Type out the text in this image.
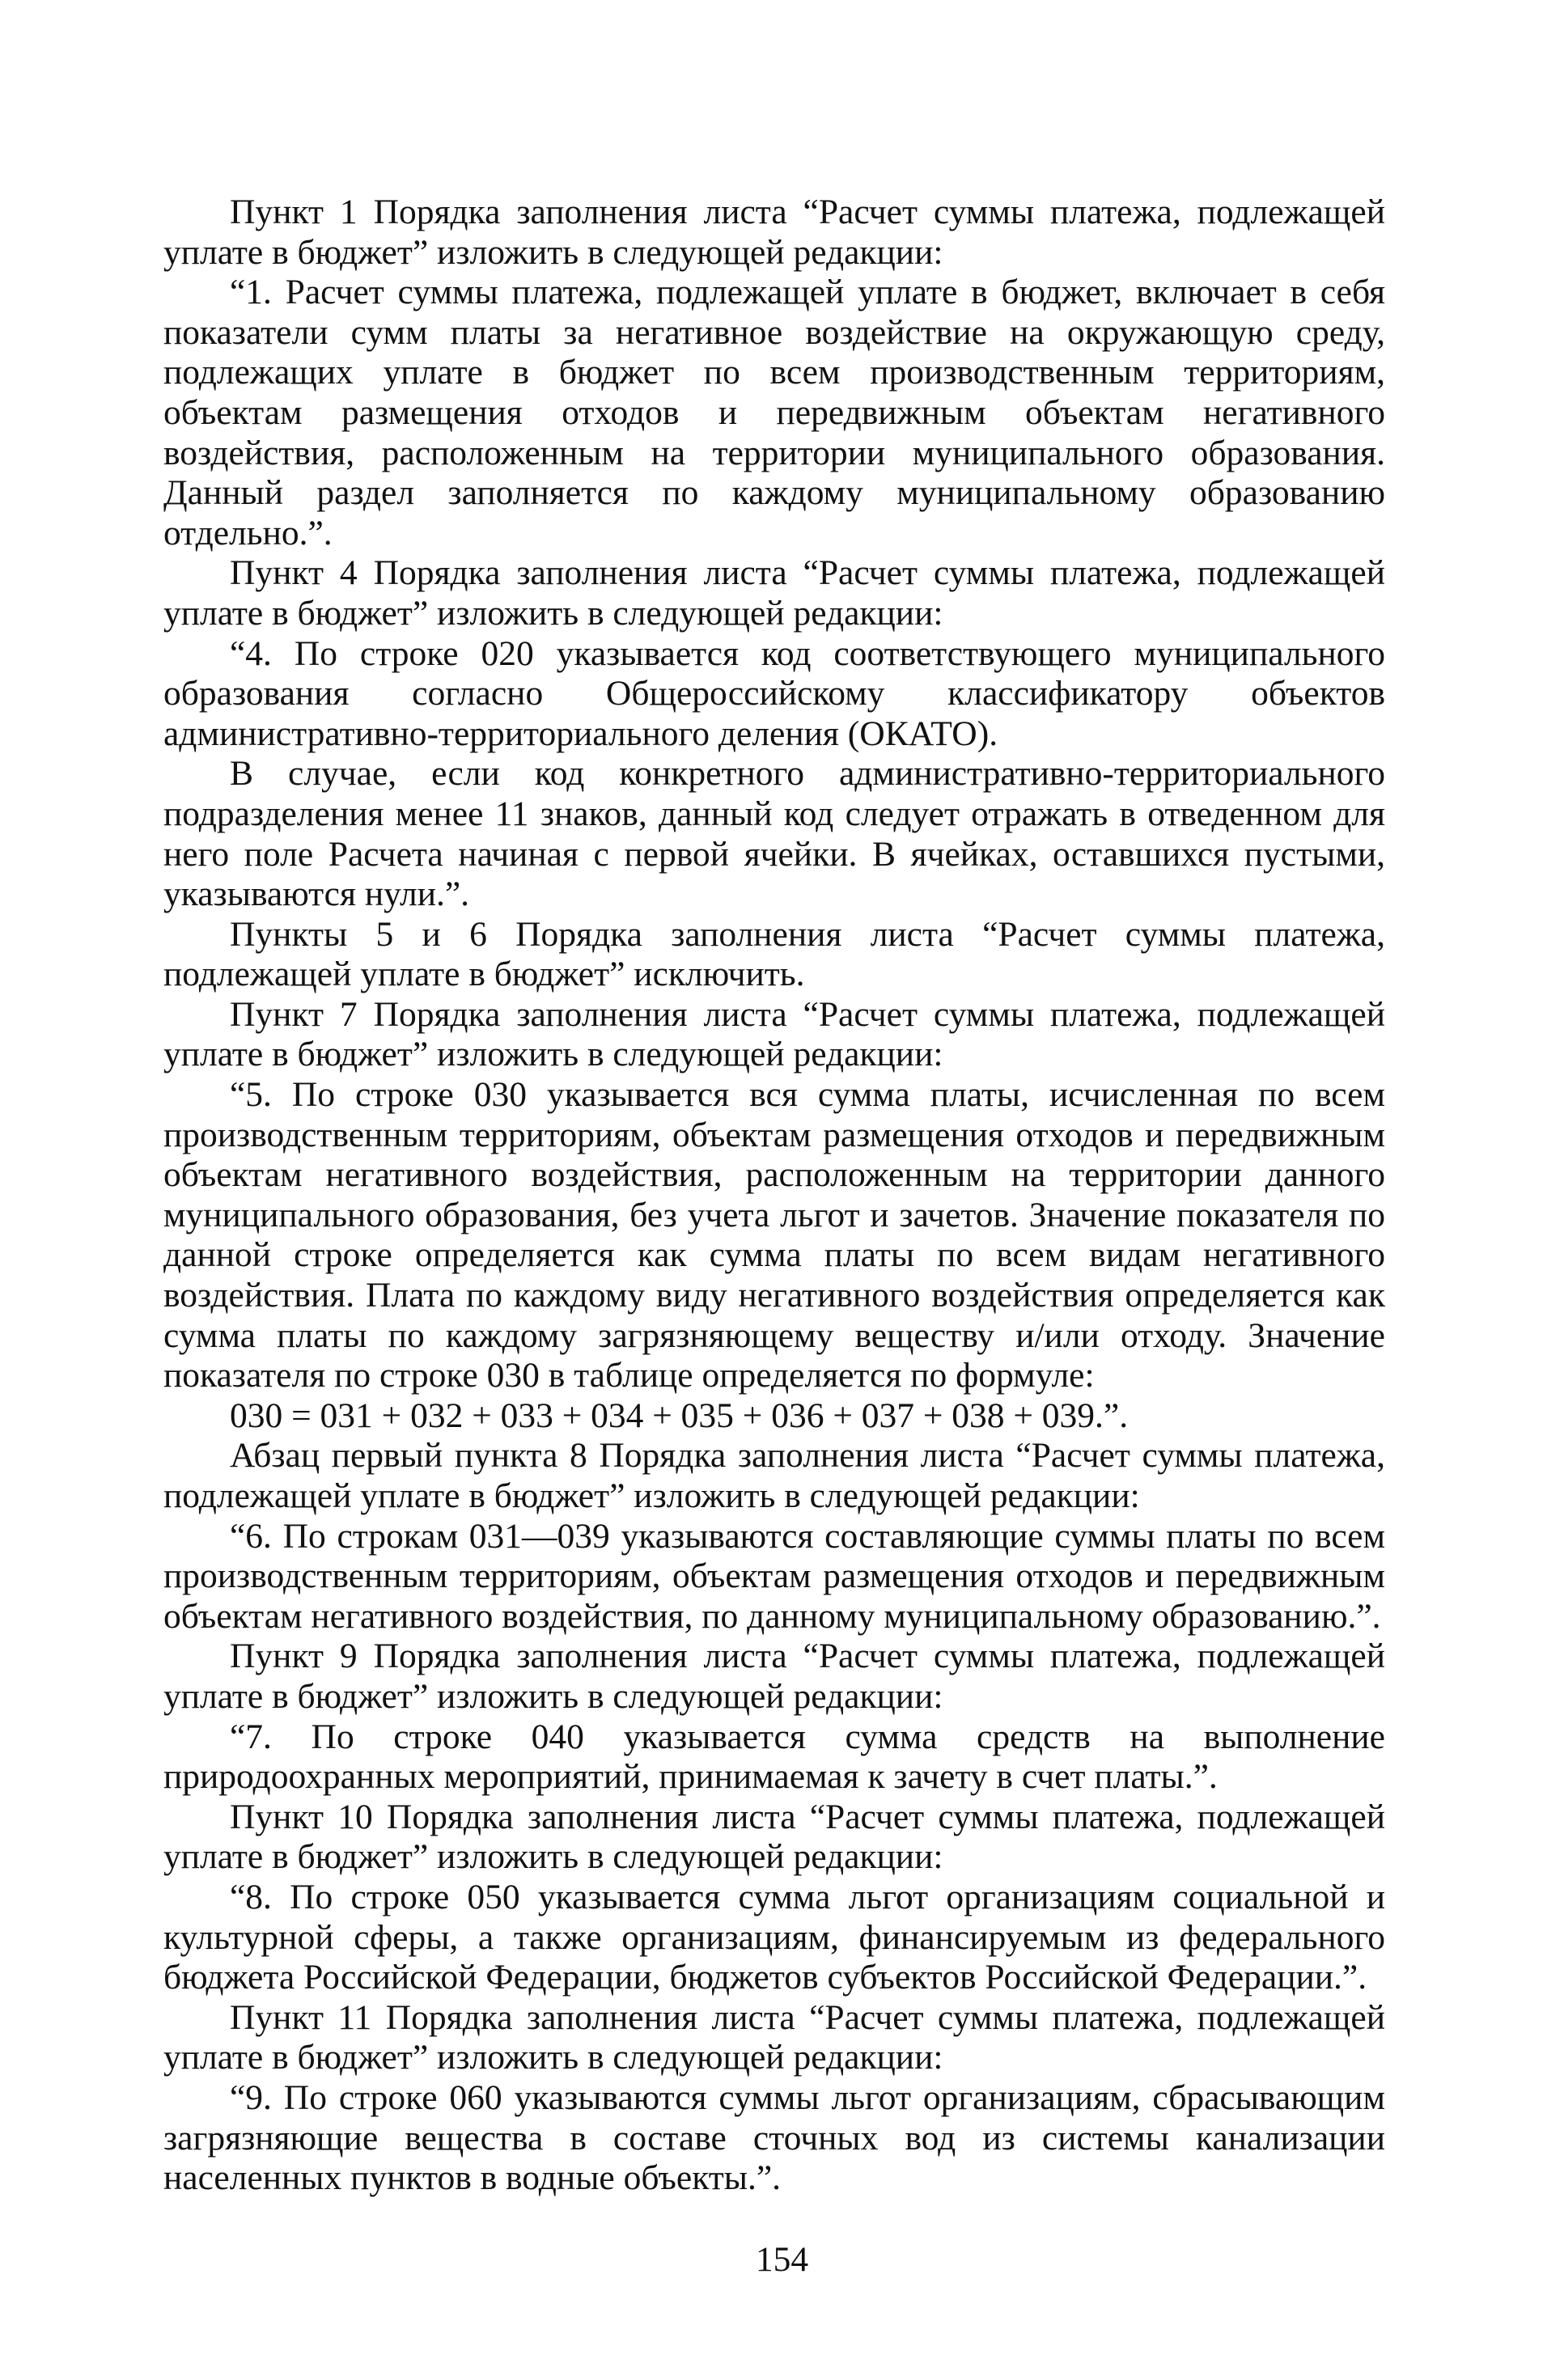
Пункт 1 Порядка заполнения листа “Расчет суммы платежа, подлежащей уплате в бюджет” изложить в следующей редакции:

“1. Расчет суммы платежа, подлежащей уплате в бюджет, включает в себя показатели сумм платы за негативное воздействие на окружающую среду, подлежащих уплате в бюджет по всем производственным территориям, объектам размещения отходов и передвижным объектам негативного воздействия, расположенным на территории муниципального образования. Данный раздел заполняется по каждому муниципальному образованию отдельно.”.

Пункт 4 Порядка заполнения листа “Расчет суммы платежа, подлежащей уплате в бюджет” изложить в следующей редакции:

“4. По строке 020 указывается код соответствующего муниципального образования согласно Общероссийскому классификатору объектов административно-территориального деления (ОКАТО).

В случае, если код конкретного административно-территориального подразделения менее 11 знаков, данный код следует отражать в отведенном для него поле Расчета начиная с первой ячейки. В ячейках, оставшихся пустыми, указываются нули.”.

Пункты 5 и 6 Порядка заполнения листа “Расчет суммы платежа, подлежащей уплате в бюджет” исключить.

Пункт 7 Порядка заполнения листа “Расчет суммы платежа, подлежащей уплате в бюджет” изложить в следующей редакции:

“5. По строке 030 указывается вся сумма платы, исчисленная по всем производственным территориям, объектам размещения отходов и передвижным объектам негативного воздействия, расположенным на территории данного муниципального образования, без учета льгот и зачетов. Значение показателя по данной строке определяется как сумма платы по всем видам негативного воздействия. Плата по каждому виду негативного воздействия определяется как сумма платы по каждому загрязняющему веществу и/или отходу. Значение показателя по строке 030 в таблице определяется по формуле:

030 = 031 + 032 + 033 + 034 + 035 + 036 + 037 + 038 + 039.”.

Абзац первый пункта 8 Порядка заполнения листа “Расчет суммы платежа, подлежащей уплате в бюджет” изложить в следующей редакции:

“6. По строкам 031—039 указываются составляющие суммы платы по всем производственным территориям, объектам размещения отходов и передвижным объектам негативного воздействия, по данному муниципальному образованию.”.

Пункт 9 Порядка заполнения листа “Расчет суммы платежа, подлежащей уплате в бюджет” изложить в следующей редакции:

“7. По строке 040 указывается сумма средств на выполнение природоохранных мероприятий, принимаемая к зачету в счет платы.”.

Пункт 10 Порядка заполнения листа “Расчет суммы платежа, подлежащей уплате в бюджет” изложить в следующей редакции:

“8. По строке 050 указывается сумма льгот организациям социальной и культурной сферы, а также организациям, финансируемым из федерального бюджета Российской Федерации, бюджетов субъектов Российской Федерации.”.

Пункт 11 Порядка заполнения листа “Расчет суммы платежа, подлежащей уплате в бюджет” изложить в следующей редакции:

“9. По строке 060 указываются суммы льгот организациям, сбрасывающим загрязняющие вещества в составе сточных вод из системы канализации населенных пунктов в водные объекты.”.

154
